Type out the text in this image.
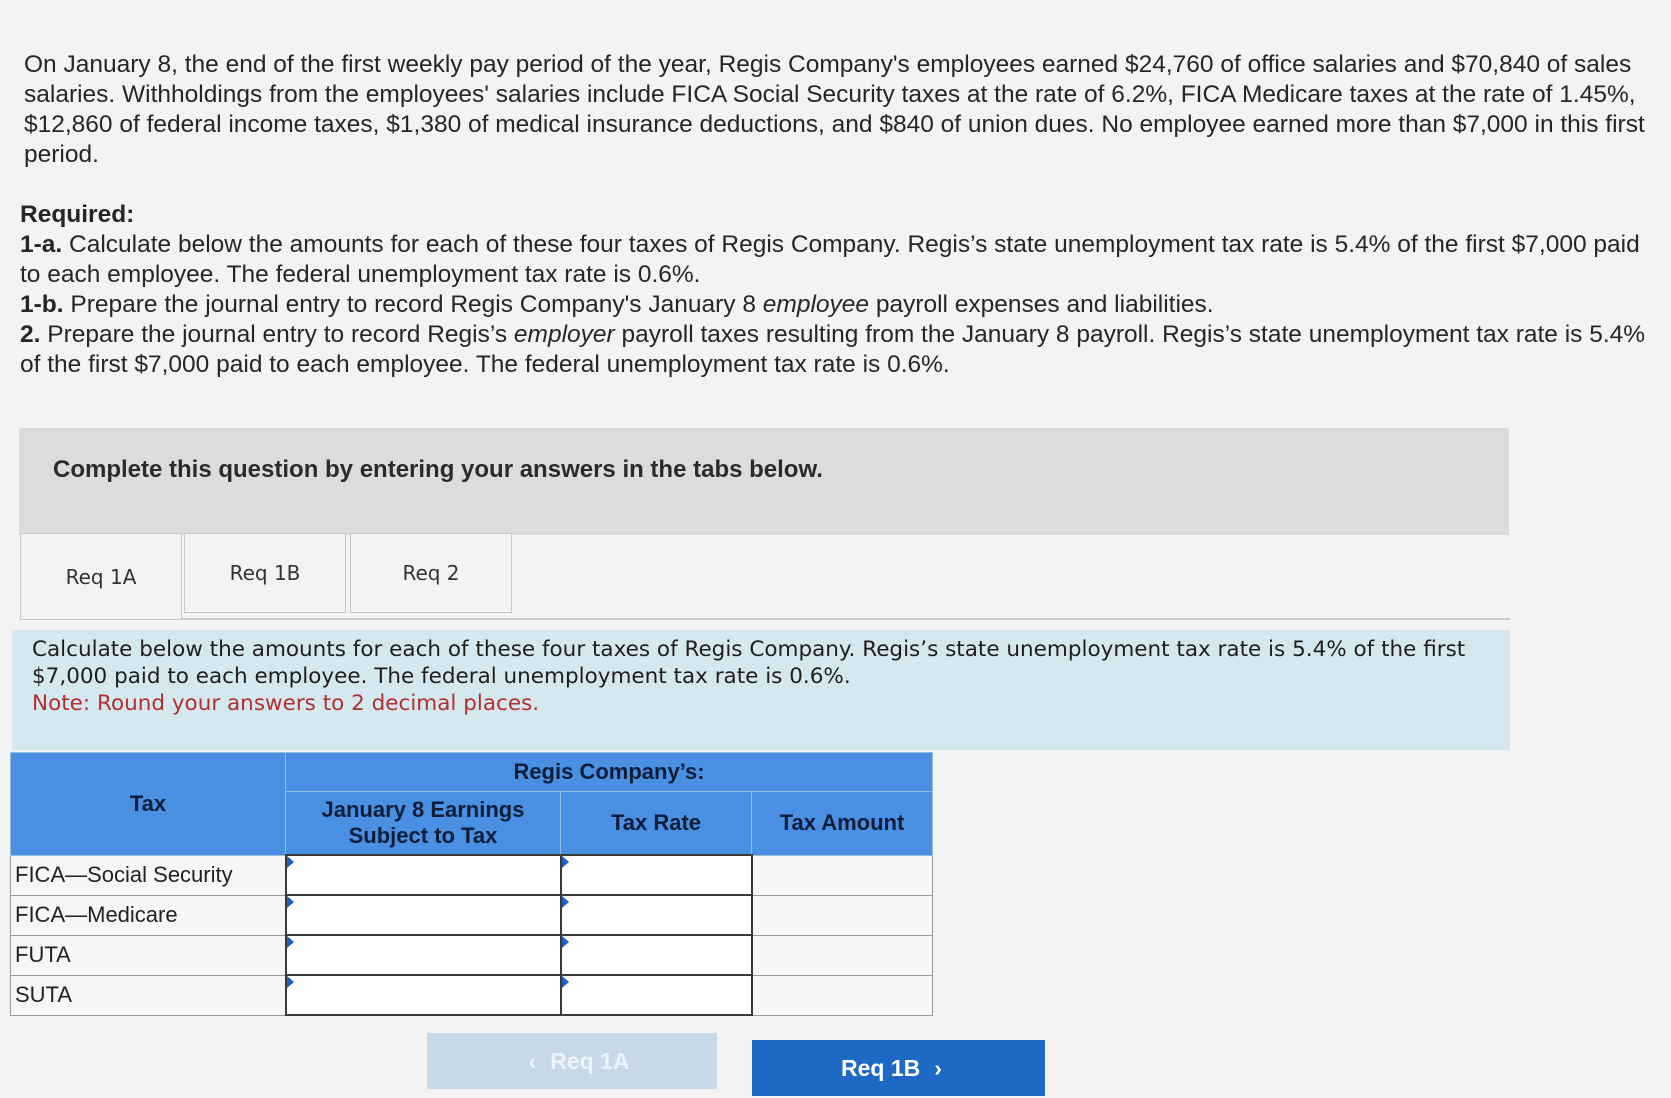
On January 8, the end of the first weekly pay period of the year, Regis Company's employees earned $24,760 of office salaries and $70,840 of sales salaries. Withholdings from the employees' salaries include FICA Social Security taxes at the rate of 6.2%, FICA Medicare taxes at the rate of 1.45%, $12,860 of federal income taxes, $1,380 of medical insurance deductions, and $840 of union dues. No employee earned more than $7,000 in this first period.
Required:

1-a. Calculate below the amounts for each of these four taxes of Regis Company. Regis’s state unemployment tax rate is 5.4% of the first $7,000 paid to each employee. The federal unemployment tax rate is 0.6%.

1-b. Prepare the journal entry to record Regis Company's January 8 employee payroll expenses and liabilities.

2. Prepare the journal entry to record Regis’s employer payroll taxes resulting from the January 8 payroll. Regis’s state unemployment tax rate is 5.4% of the first $7,000 paid to each employee. The federal unemployment tax rate is 0.6%.

Complete this question by entering your answers in the tabs below.
Req 1A	Req 1B	Req 2
Calculate below the amounts for each of these four taxes of Regis Company. Regis’s state unemployment tax rate is 5.4% of the first $7,000 paid to each employee. The federal unemployment tax rate is 0.6%.
Note: Round your answers to 2 decimal places.
Tax	Regis Company’s:		
	January 8 Earnings Subject to Tax	Tax Rate	Tax Amount
FICA—Social Security			
FICA—Medicare			
FUTA			
SUTA			
‹ Req 1A	Req 1B ›
